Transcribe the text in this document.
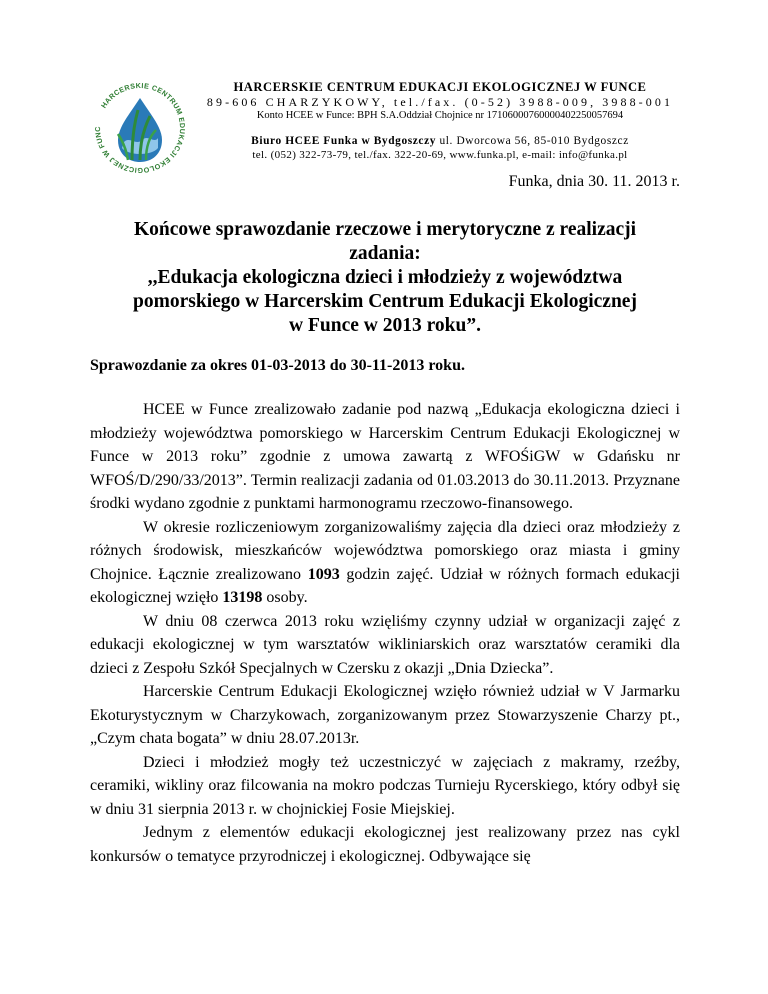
HARCERSKIE CENTRUM EDUKACJI EKOLOGICZNEJ W FUNC
HARCERSKIE CENTRUM EDUKACJI EKOLOGICZNEJ W FUNCE
89-606 CHARZYKOWY, tel./fax. (0-52) 3988-009, 3988-001
Konto HCEE w Funce: BPH S.A.Oddział Chojnice nr 17106000760000402250057694
Biuro HCEE Funka w Bydgoszczy ul. Dworcowa 56, 85-010 Bydgoszcz
tel. (052) 322-73-79, tel./fax. 322-20-69, www.funka.pl, e-mail: info@funka.pl
Funka, dnia 30. 11. 2013 r.
Końcowe sprawozdanie rzeczowe i merytoryczne z realizacji
zadania:
,,Edukacja ekologiczna dzieci i młodzieży z województwa
pomorskiego w Harcerskim Centrum Edukacji Ekologicznej
w Funce w 2013 roku”.
Sprawozdanie za okres 01-03-2013 do 30-11-2013 roku.

HCEE w Funce zrealizowało zadanie pod nazwą „Edukacja ekologiczna dzieci i młodzieży województwa pomorskiego w Harcerskim Centrum Edukacji Ekologicznej w Funce w 2013 roku” zgodnie z umowa zawartą z WFOŚiGW w Gdańsku nr WFOŚ/D/290/33/2013”. Termin realizacji zadania od 01.03.2013 do 30.11.2013. Przyznane środki wydano zgodnie z punktami harmonogramu rzeczowo-finansowego.

W okresie rozliczeniowym zorganizowaliśmy zajęcia dla dzieci oraz młodzieży z różnych środowisk, mieszkańców województwa pomorskiego oraz miasta i gminy Chojnice. Łącznie zrealizowano 1093 godzin zajęć. Udział w różnych formach edukacji ekologicznej wzięło 13198 osoby.

W dniu 08 czerwca 2013 roku wzięliśmy czynny udział w organizacji zajęć z edukacji ekologicznej w tym warsztatów wikliniarskich oraz warsztatów ceramiki dla dzieci z Zespołu Szkół Specjalnych w Czersku z okazji „Dnia Dziecka”.

Harcerskie Centrum Edukacji Ekologicznej wzięło również udział w V Jarmarku Ekoturystycznym w Charzykowach, zorganizowanym przez Stowarzyszenie Charzy pt., „Czym chata bogata” w dniu 28.07.2013r.

Dzieci i młodzież mogły też uczestniczyć w zajęciach z makramy, rzeźby, ceramiki, wikliny oraz filcowania na mokro podczas Turnieju Rycerskiego, który odbył się w dniu 31 sierpnia 2013 r. w chojnickiej Fosie Miejskiej.

Jednym z elementów edukacji ekologicznej jest realizowany przez nas cykl konkursów o tematyce przyrodniczej i ekologicznej. Odbywające się
